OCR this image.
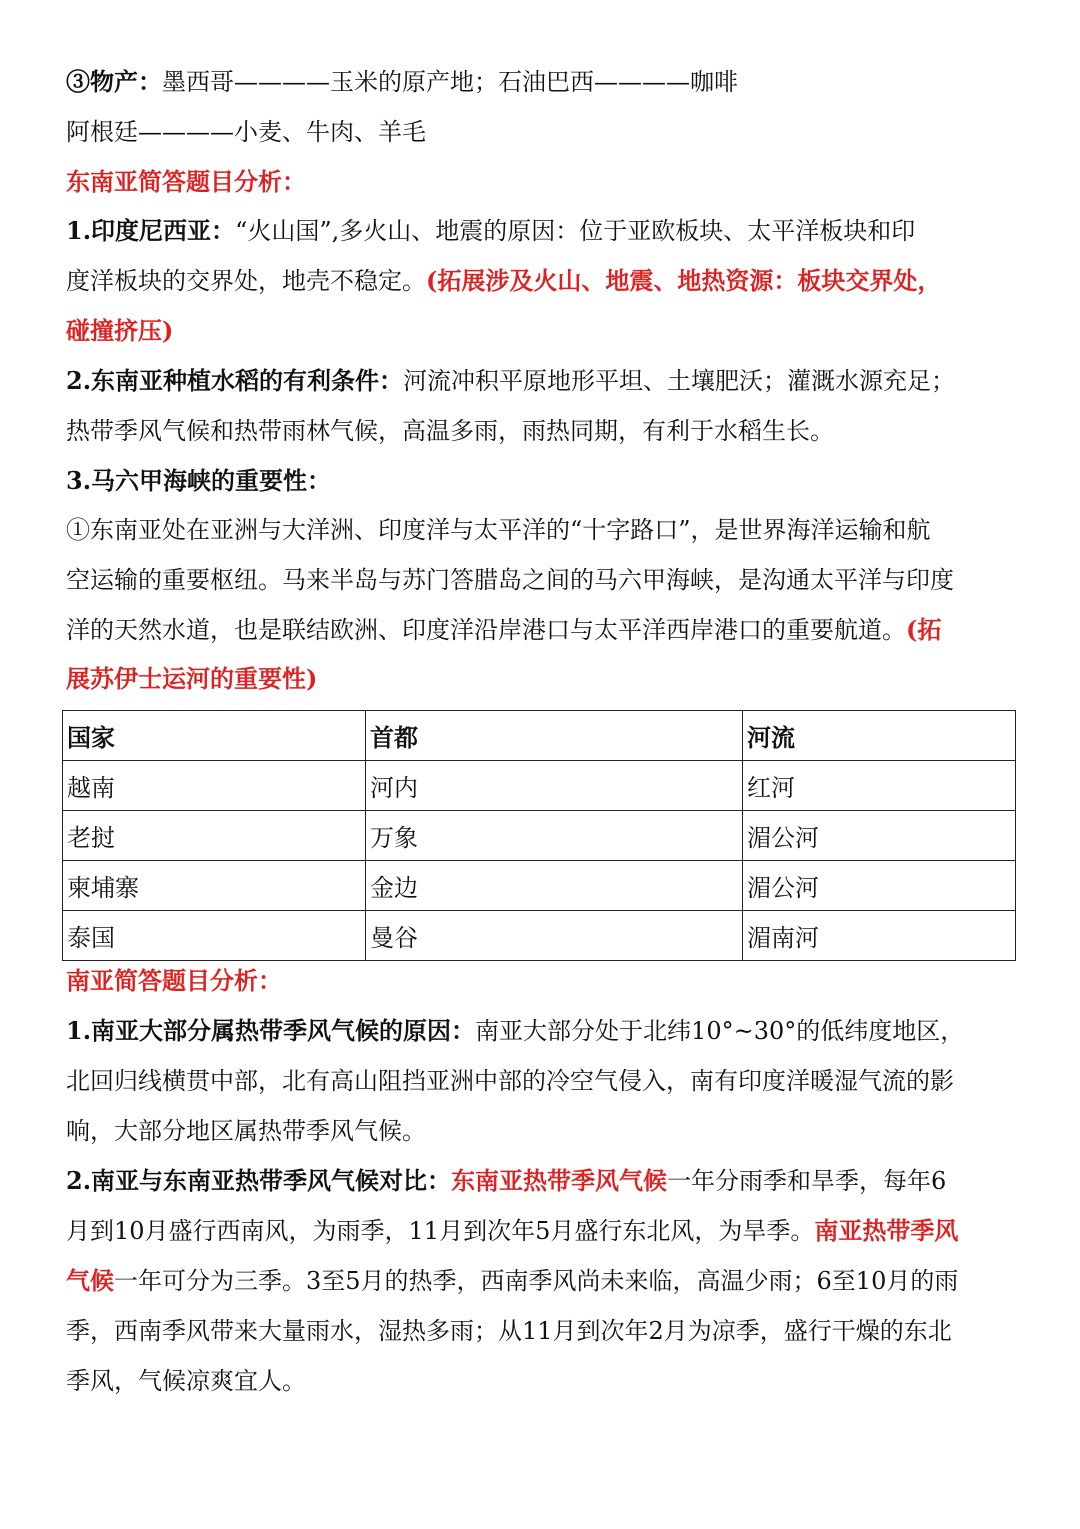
③物产：墨西哥————玉米的原产地；石油巴西————咖啡
阿根廷————小麦、牛肉、羊毛
东南亚简答题目分析：
1.印度尼西亚：“火山国”,多火山、地震的原因：位于亚欧板块、太平洋板块和印
度洋板块的交界处，地壳不稳定。(拓展涉及火山、地震、地热资源：板块交界处，
碰撞挤压)
2.东南亚种植水稻的有利条件：河流冲积平原地形平坦、土壤肥沃；灌溉水源充足；
热带季风气候和热带雨林气候，高温多雨，雨热同期，有利于水稻生长。
3.马六甲海峡的重要性：
①东南亚处在亚洲与大洋洲、印度洋与太平洋的“十字路口”，是世界海洋运输和航
空运输的重要枢纽。马来半岛与苏门答腊岛之间的马六甲海峡，是沟通太平洋与印度
洋的天然水道，也是联结欧洲、印度洋沿岸港口与太平洋西岸港口的重要航道。(拓
展苏伊士运河的重要性)
国家	首都	河流
越南	河内	红河
老挝	万象	湄公河
柬埔寨	金边	湄公河
泰国	曼谷	湄南河
南亚简答题目分析：
1.南亚大部分属热带季风气候的原因：南亚大部分处于北纬10°~30°的低纬度地区，
北回归线横贯中部，北有高山阻挡亚洲中部的冷空气侵入，南有印度洋暖湿气流的影
响，大部分地区属热带季风气候。
2.南亚与东南亚热带季风气候对比：东南亚热带季风气候一年分雨季和旱季，每年6
月到10月盛行西南风，为雨季，11月到次年5月盛行东北风，为旱季。南亚热带季风
气候一年可分为三季。3至5月的热季，西南季风尚未来临，高温少雨；6至10月的雨
季，西南季风带来大量雨水，湿热多雨；从11月到次年2月为凉季，盛行干燥的东北
季风，气候凉爽宜人。
